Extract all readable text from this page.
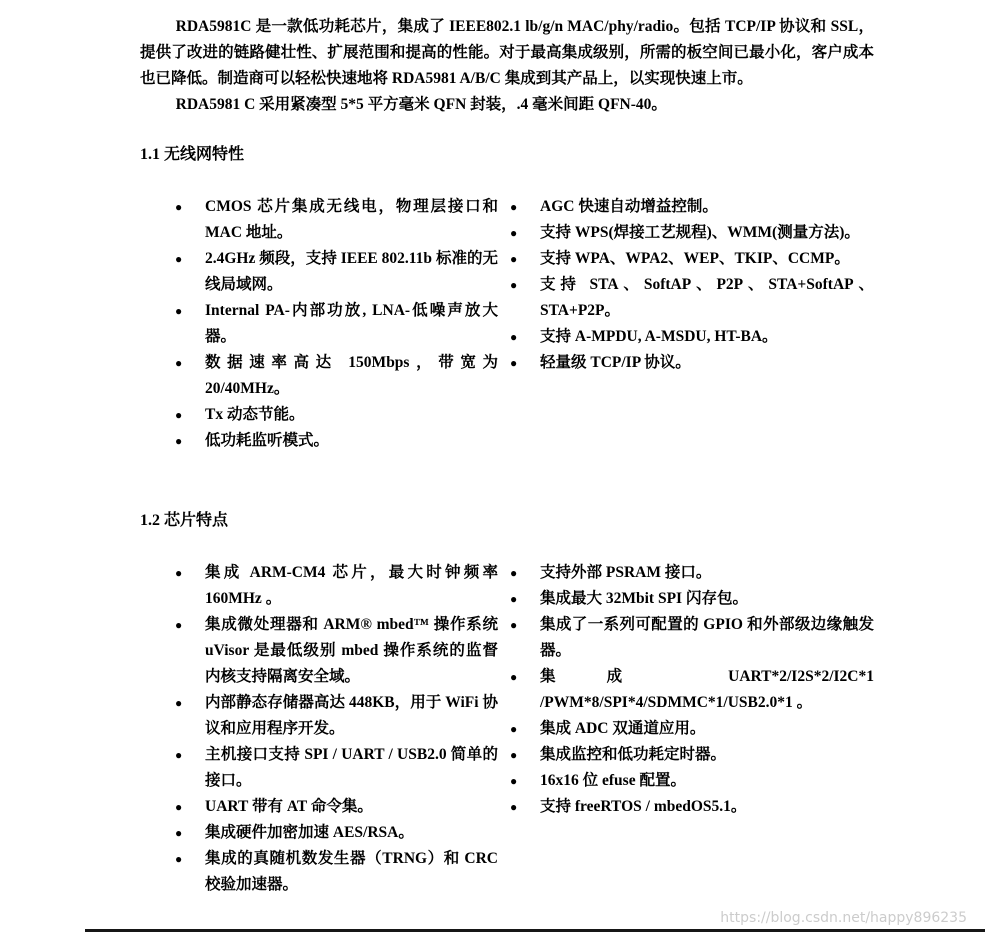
RDA5981C 是一款低功耗芯片，集成了 IEEE802.1 lb/g/n MAC/phy/radio。包括 TCP/IP 协议和 SSL，提供了改进的链路健壮性、扩展范围和提高的性能。对于最高集成级别，所需的板空间已最小化，客户成本也已降低。制造商可以轻松快速地将 RDA5981 A/B/C 集成到其产品上，以实现快速上市。

RDA5981 C 采用紧凑型 5*5 平方毫米 QFN 封装，.4 毫米间距 QFN-40。

1.1 无线网特性
● CMOS 芯片集成无线电，物理层接口和 MAC 地址。
● 2.4GHz 频段，支持 IEEE 802.11b 标准的无线局域网。
● Internal PA-内部功放, LNA-低噪声放大器。
● 数据速率高达 150Mbps，带宽为 20/40MHz。
● Tx 动态节能。
● 低功耗监听模式。
● AGC 快速自动增益控制。
● 支持 WPS(焊接工艺规程)、WMM(测量方法)。
● 支持 WPA、WPA2、WEP、TKIP、CCMP。
● 支持 STA、SoftAP、P2P、STA+SoftAP、STA+P2P。
● 支持 A-MPDU, A-MSDU, HT-BA。
● 轻量级 TCP/IP 协议。
1.2 芯片特点
● 集成 ARM-CM4 芯片，最大时钟频率 160MHz 。
● 集成微处理器和 ARM® mbed™ 操作系统 uVisor 是最低级别 mbed 操作系统的监督内核支持隔离安全域。
● 内部静态存储器高达 448KB，用于 WiFi 协议和应用程序开发。
● 主机接口支持 SPI / UART / USB2.0 简单的接口。
● UART 带有 AT 命令集。
● 集成硬件加密加速 AES/RSA。
● 集成的真随机数发生器（TRNG）和 CRC 校验加速器。
● 支持外部 PSRAM 接口。
● 集成最大 32Mbit SPI 闪存包。
● 集成了一系列可配置的 GPIO 和外部级边缘触发器。
● 集成 UART*2/I2S*2/I2C*1 /PWM*8/SPI*4/SDMMC*1/USB2.0*1 。
● 集成 ADC 双通道应用。
● 集成监控和低功耗定时器。
● 16x16 位 efuse 配置。
● 支持 freeRTOS / mbedOS5.1。
https://blog.csdn.net/happy896235
